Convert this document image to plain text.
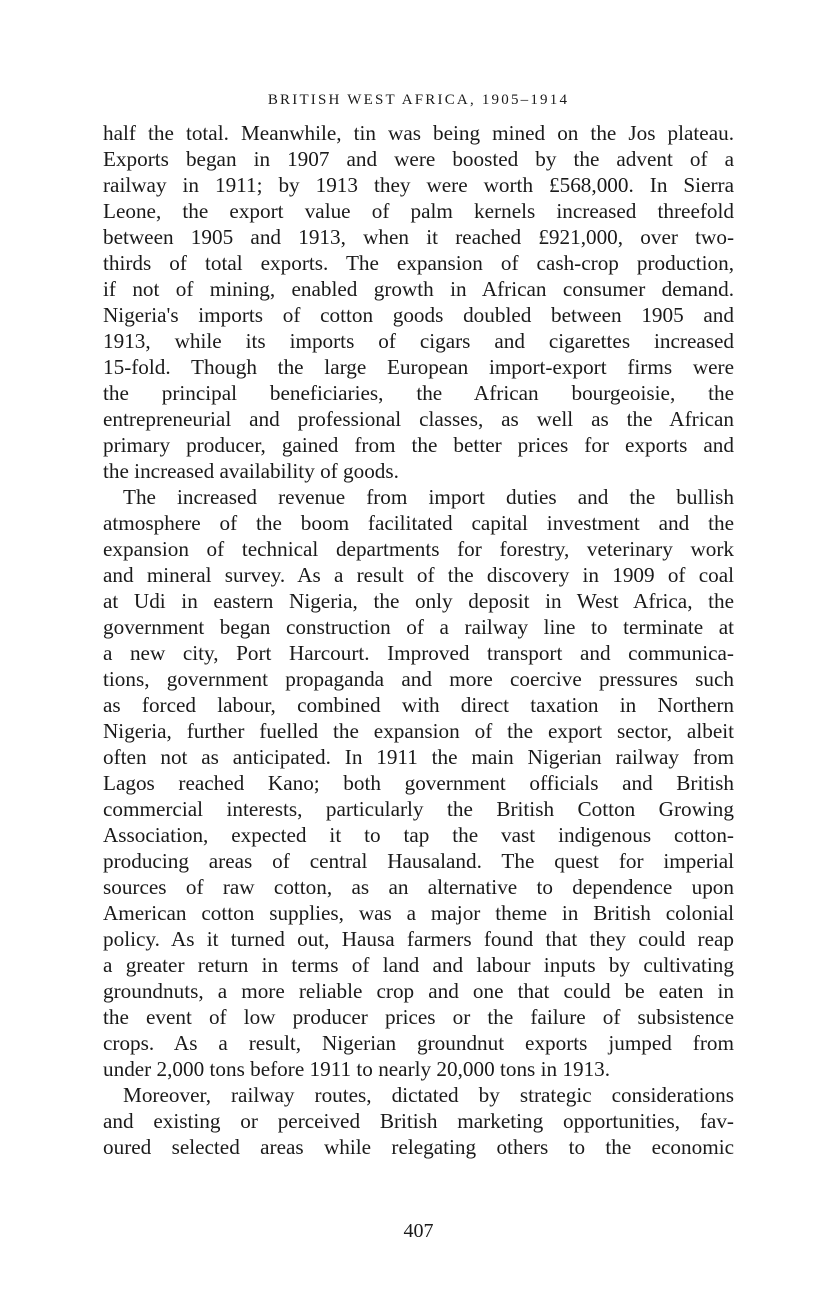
BRITISH WEST AFRICA, 1905–1914
half the total. Meanwhile, tin was being mined on the Jos plateau.
Exports began in 1907 and were boosted by the advent of a
railway in 1911; by 1913 they were worth £568,000. In Sierra
Leone, the export value of palm kernels increased threefold
between 1905 and 1913, when it reached £921,000, over two-
thirds of total exports. The expansion of cash-crop production,
if not of mining, enabled growth in African consumer demand.
Nigeria's imports of cotton goods doubled between 1905 and
1913, while its imports of cigars and cigarettes increased
15-fold. Though the large European import-export firms were
the principal beneficiaries, the African bourgeoisie, the
entrepreneurial and professional classes, as well as the African
primary producer, gained from the better prices for exports and
the increased availability of goods.
The increased revenue from import duties and the bullish
atmosphere of the boom facilitated capital investment and the
expansion of technical departments for forestry, veterinary work
and mineral survey. As a result of the discovery in 1909 of coal
at Udi in eastern Nigeria, the only deposit in West Africa, the
government began construction of a railway line to terminate at
a new city, Port Harcourt. Improved transport and communica-
tions, government propaganda and more coercive pressures such
as forced labour, combined with direct taxation in Northern
Nigeria, further fuelled the expansion of the export sector, albeit
often not as anticipated. In 1911 the main Nigerian railway from
Lagos reached Kano; both government officials and British
commercial interests, particularly the British Cotton Growing
Association, expected it to tap the vast indigenous cotton-
producing areas of central Hausaland. The quest for imperial
sources of raw cotton, as an alternative to dependence upon
American cotton supplies, was a major theme in British colonial
policy. As it turned out, Hausa farmers found that they could reap
a greater return in terms of land and labour inputs by cultivating
groundnuts, a more reliable crop and one that could be eaten in
the event of low producer prices or the failure of subsistence
crops. As a result, Nigerian groundnut exports jumped from
under 2,000 tons before 1911 to nearly 20,000 tons in 1913.
Moreover, railway routes, dictated by strategic considerations
and existing or perceived British marketing opportunities, fav-
oured selected areas while relegating others to the economic
407
